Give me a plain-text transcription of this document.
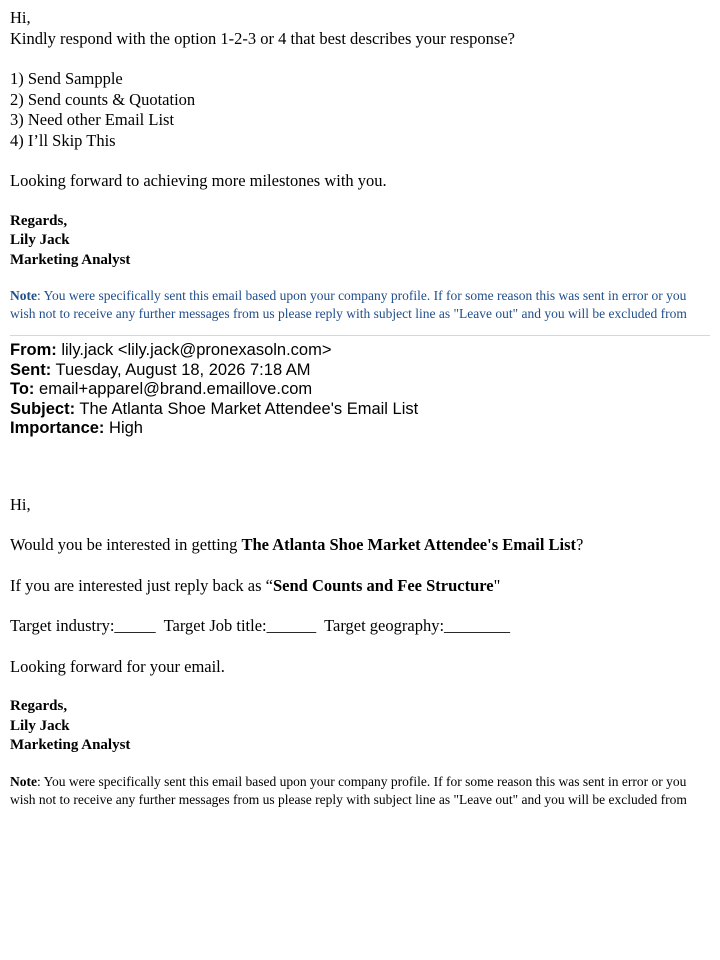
Hi,

Kindly respond with the option 1-2-3 or 4 that best describes your response?

1) Send Sampple

2) Send counts & Quotation

3) Need other Email List

4) I’ll Skip This

Looking forward to achieving more milestones with you.

Regards,

Lily Jack

Marketing Analyst

Note: You were specifically sent this email based upon your company profile. If for some reason this was sent in error or you wish not to receive any further messages from us please reply with subject line as "Leave out" and you will be excluded from

From: lily.jack <lily.jack@pronexasoln.com>

Sent: Tuesday, August 18, 2026 7:18 AM

To: email+apparel@brand.emaillove.com

Subject: The Atlanta Shoe Market Attendee's Email List

Importance: High

Hi,

Would you be interested in getting The Atlanta Shoe Market Attendee's Email List?

If you are interested just reply back as “Send Counts and Fee Structure"

Target industry:_____  Target Job title:______  Target geography:________

Looking forward for your email.

Regards,

Lily Jack

Marketing Analyst

Note: You were specifically sent this email based upon your company profile. If for some reason this was sent in error or you wish not to receive any further messages from us please reply with subject line as "Leave out" and you will be excluded from
